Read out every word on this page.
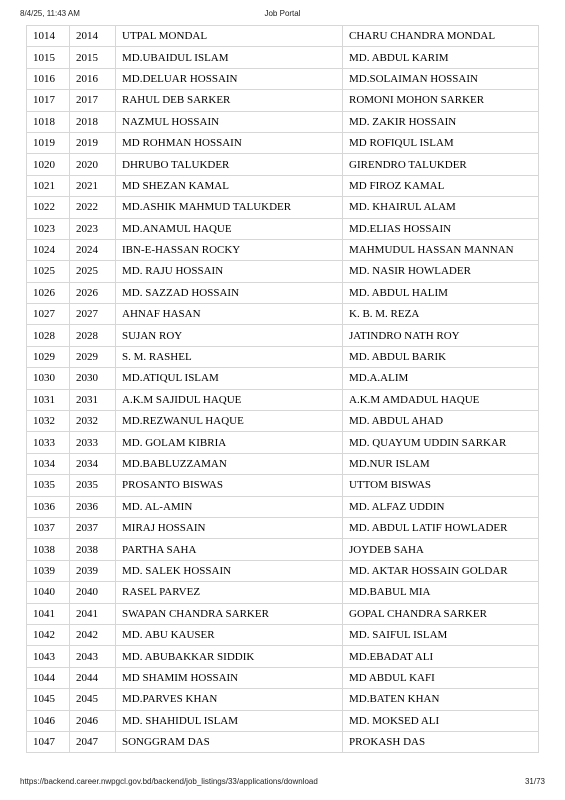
8/4/25, 11:43 AM	Job Portal
1014	2014	UTPAL MONDAL	CHARU CHANDRA MONDAL
1015	2015	MD.UBAIDUL ISLAM	MD. ABDUL KARIM
1016	2016	MD.DELUAR HOSSAIN	MD.SOLAIMAN HOSSAIN
1017	2017	RAHUL DEB SARKER	ROMONI MOHON SARKER
1018	2018	NAZMUL HOSSAIN	MD. ZAKIR HOSSAIN
1019	2019	MD ROHMAN HOSSAIN	MD ROFIQUL ISLAM
1020	2020	DHRUBO TALUKDER	GIRENDRO TALUKDER
1021	2021	MD SHEZAN KAMAL	MD FIROZ KAMAL
1022	2022	MD.ASHIK MAHMUD TALUKDER	MD. KHAIRUL ALAM
1023	2023	MD.ANAMUL HAQUE	MD.ELIAS HOSSAIN
1024	2024	IBN-E-HASSAN ROCKY	MAHMUDUL HASSAN MANNAN
1025	2025	MD. RAJU HOSSAIN	MD. NASIR HOWLADER
1026	2026	MD. SAZZAD HOSSAIN	MD. ABDUL HALIM
1027	2027	AHNAF HASAN	K. B. M. REZA
1028	2028	SUJAN ROY	JATINDRO NATH ROY
1029	2029	S. M. RASHEL	MD. ABDUL BARIK
1030	2030	MD.ATIQUL ISLAM	MD.A.ALIM
1031	2031	A.K.M SAJIDUL HAQUE	A.K.M AMDADUL HAQUE
1032	2032	MD.REZWANUL HAQUE	MD. ABDUL AHAD
1033	2033	MD. GOLAM KIBRIA	MD. QUAYUM UDDIN SARKAR
1034	2034	MD.BABLUZZAMAN	MD.NUR ISLAM
1035	2035	PROSANTO BISWAS	UTTOM BISWAS
1036	2036	MD. AL-AMIN	MD. ALFAZ UDDIN
1037	2037	MIRAJ HOSSAIN	MD. ABDUL LATIF HOWLADER
1038	2038	PARTHA SAHA	JOYDEB SAHA
1039	2039	MD. SALEK HOSSAIN	MD. AKTAR HOSSAIN GOLDAR
1040	2040	RASEL PARVEZ	MD.BABUL MIA
1041	2041	SWAPAN CHANDRA SARKER	GOPAL CHANDRA SARKER
1042	2042	MD. ABU KAUSER	MD. SAIFUL ISLAM
1043	2043	MD. ABUBAKKAR SIDDIK	MD.EBADAT ALI
1044	2044	MD SHAMIM HOSSAIN	MD ABDUL KAFI
1045	2045	MD.PARVES KHAN	MD.BATEN KHAN
1046	2046	MD. SHAHIDUL ISLAM	MD. MOKSED ALI
1047	2047	SONGGRAM DAS	PROKASH DAS
https://backend.career.nwpgcl.gov.bd/backend/job_listings/33/applications/download	31/73
